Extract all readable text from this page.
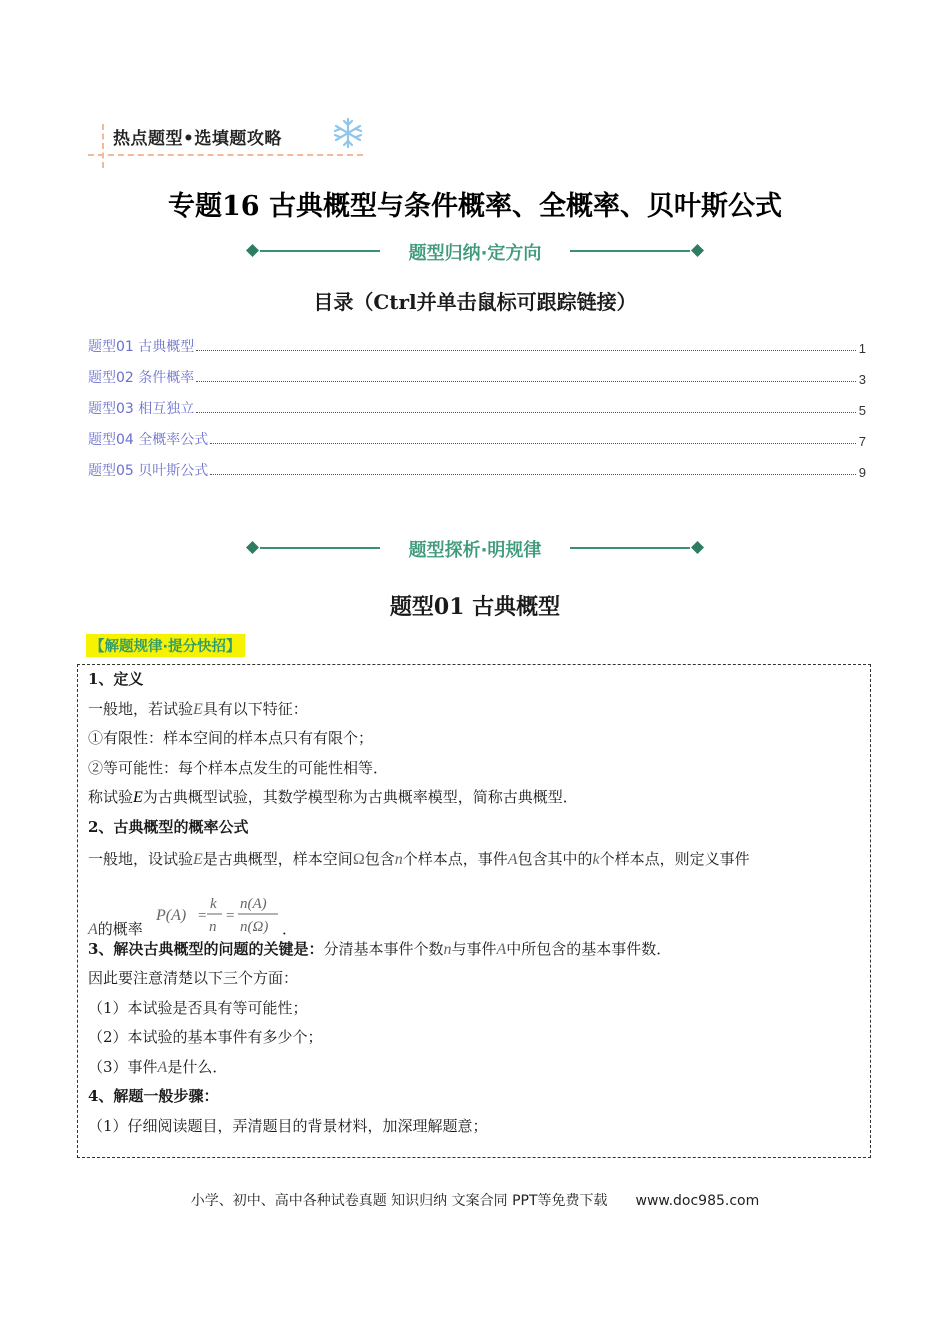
热点题型•选填题攻略
专题16 古典概型与条件概率、全概率、贝叶斯公式
题型归纳·定方向
目录（Ctrl并单击鼠标可跟踪链接）
题型01 古典概型	1
题型02 条件概率	3
题型03 相互独立	5
题型04 全概率公式	7
题型05 贝叶斯公式	9
题型探析·明规律
题型01 古典概型
【解题规律·提分快招】
1、定义
一般地，若试验E具有以下特征：
①有限性：样本空间的样本点只有有限个；
②等可能性：每个样本点发生的可能性相等．
称试验E为古典概型试验，其数学模型称为古典概率模型，简称古典概型．
2、古典概型的概率公式
一般地，设试验E是古典概型，样本空间Ω包含n个样本点，事件A包含其中的k个样本点，则定义事件
A的概率
P(A) =
k
n
=
n(A)
n(Ω) ．
3、解决古典概型的问题的关键是：分清基本事件个数n与事件A中所包含的基本事件数．
因此要注意清楚以下三个方面：
（1）本试验是否具有等可能性；
（2）本试验的基本事件有多少个；
（3）事件A是什么．
4、解题一般步骤：
（1）仔细阅读题目，弄清题目的背景材料，加深理解题意；
小学、初中、高中各种试卷真题 知识归纳 文案合同 PPT等免费下载 www.doc985.com
